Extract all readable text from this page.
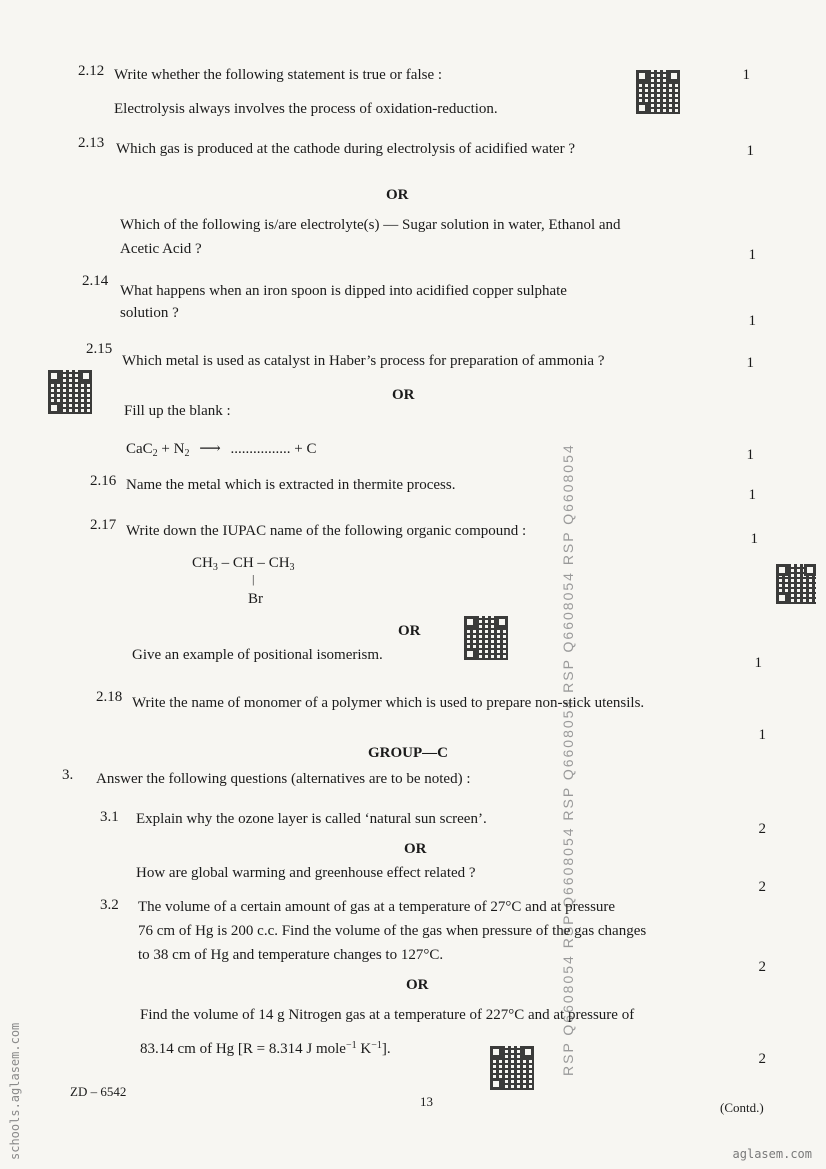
RSP Q6608054 RSP Q6608054 RSP Q6608054 RSP Q6608054 RSP Q6608054
schools.aglasem.com
2.12 Write whether the following statement is true or false :	1
Electrolysis always involves the process of oxidation-reduction.
2.13 Which gas is produced at the cathode during electrolysis of acidified water ?	1
OR
Which of the following is/are electrolyte(s) — Sugar solution in water, Ethanol and
Acetic Acid ?	1
2.14
What happens when an iron spoon is dipped into acidified copper sulphate
solution ?	1
2.15
Which metal is used as catalyst in Haber’s process for preparation of ammonia ?	1
OR
Fill up the blank :
$CaC_2 + N_2$ ⟶ ................ + C	1
2.16 Name the metal which is extracted in thermite process.
1
2.17 Write down the IUPAC name of the following organic compound :	1
$CH_3$ – CH – $CH_3$
|
Br
OR
Give an example of positional isomerism.	1
2.18 Write the name of monomer of a polymer which is used to prepare non-stick utensils.
1
GROUP—C
3. Answer the following questions (alternatives are to be noted) :
3.1 Explain why the ozone layer is called ‘natural sun screen’.
2
OR
How are global warming and greenhouse effect related ?
2
3.2 The volume of a certain amount of gas at a temperature of 27°C and at pressure
76 cm of Hg is 200 c.c. Find the volume of the gas when pressure of the gas changes
to 38 cm of Hg and temperature changes to 127°C.
2
OR
Find the volume of 14 g Nitrogen gas at a temperature of 227°C and at pressure of
83.14 cm of Hg [R = 8.314 J mole$^{-1}$ $K^{-1}$].
2
ZD – 6542
13	(Contd.)
aglasem.com
